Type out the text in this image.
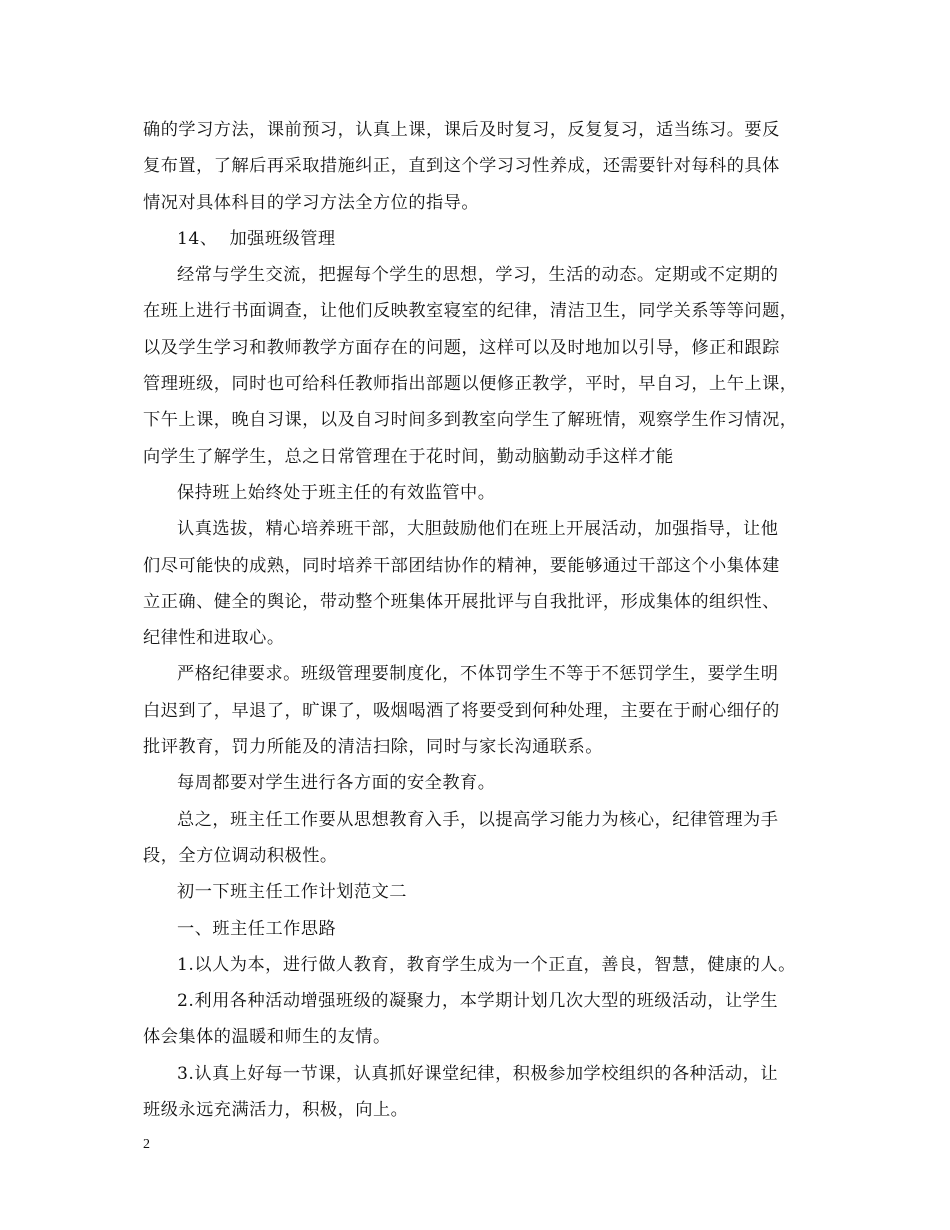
确的学习方法，课前预习，认真上课，课后及时复习，反复复习，适当练习。要反
复布置，了解后再采取措施纠正，直到这个学习习性养成，还需要针对每科的具体
情况对具体科目的学习方法全方位的指导。

14、  加强班级管理

经常与学生交流，把握每个学生的思想，学习，生活的动态。定期或不定期的
在班上进行书面调查，让他们反映教室寝室的纪律，清洁卫生，同学关系等等问题，
以及学生学习和教师教学方面存在的问题，这样可以及时地加以引导，修正和跟踪
管理班级，同时也可给科任教师指出部题以便修正教学，平时，早自习，上午上课，
下午上课，晚自习课，以及自习时间多到教室向学生了解班情，观察学生作习情况，
向学生了解学生，总之日常管理在于花时间，勤动脑勤动手这样才能

保持班上始终处于班主任的有效监管中。

认真选拔，精心培养班干部，大胆鼓励他们在班上开展活动，加强指导，让他
们尽可能快的成熟，同时培养干部团结协作的精神，要能够通过干部这个小集体建
立正确、健全的舆论，带动整个班集体开展批评与自我批评，形成集体的组织性、
纪律性和进取心。

严格纪律要求。班级管理要制度化，不体罚学生不等于不惩罚学生，要学生明
白迟到了，早退了，旷课了，吸烟喝酒了将要受到何种处理，主要在于耐心细仔的
批评教育，罚力所能及的清洁扫除，同时与家长沟通联系。

每周都要对学生进行各方面的安全教育。

总之，班主任工作要从思想教育入手，以提高学习能力为核心，纪律管理为手
段，全方位调动积极性。

初一下班主任工作计划范文二

一、班主任工作思路

1.以人为本，进行做人教育，教育学生成为一个正直，善良，智慧，健康的人。

2.利用各种活动增强班级的凝聚力，本学期计划几次大型的班级活动，让学生
体会集体的温暖和师生的友情。

3.认真上好每一节课，认真抓好课堂纪律，积极参加学校组织的各种活动，让
班级永远充满活力，积极，向上。

2
